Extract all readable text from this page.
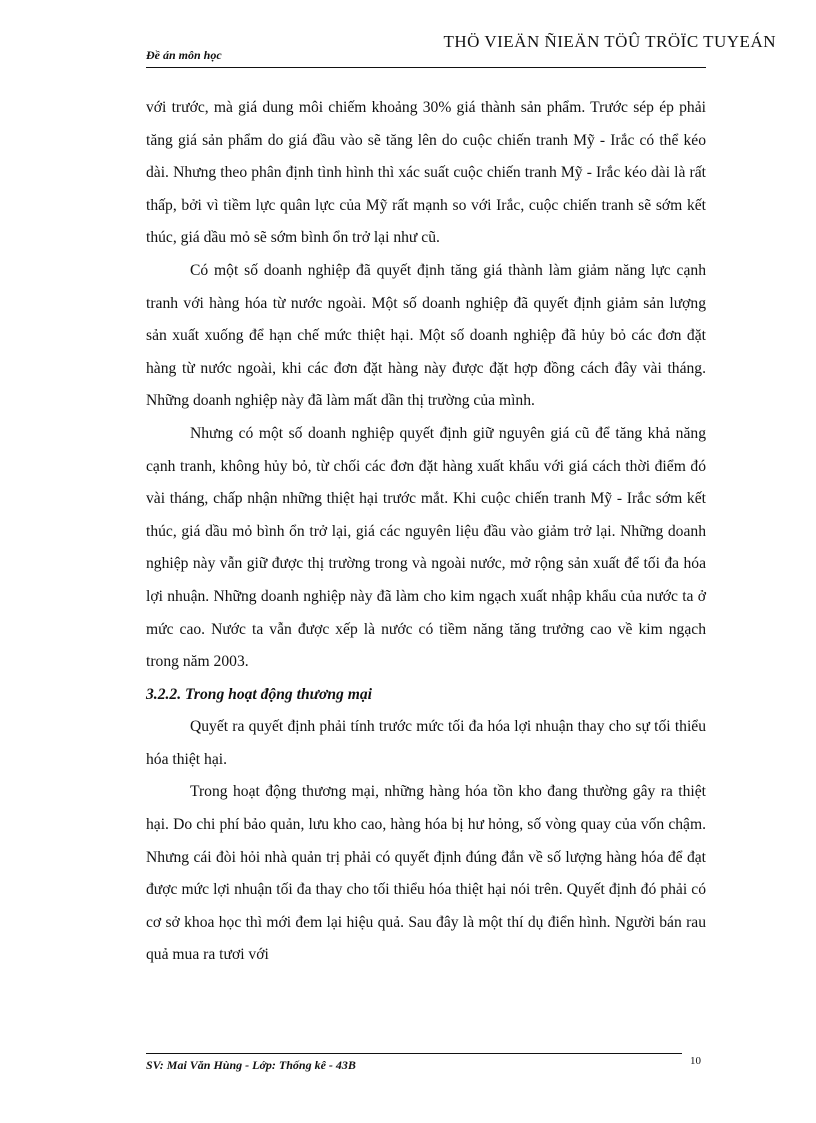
Đề án môn học
THÖ VIEÄN ÑIEÄN TÖÛ TRÖÏC TUYEÁN

với trước, mà giá dung môi chiếm khoảng 30% giá thành sản phẩm. Trước sép ép phải tăng giá sản phẩm do giá đầu vào sẽ tăng lên do cuộc chiến tranh Mỹ - Irắc có thể kéo dài. Nhưng theo phân định tình hình thì xác suất cuộc chiến tranh Mỹ - Irắc kéo dài là rất thấp, bởi vì tiềm lực quân lực của Mỹ rất mạnh so với Irắc, cuộc chiến tranh sẽ sớm kết thúc, giá dầu mỏ sẽ sớm bình ổn trở lại như cũ.

Có một số doanh nghiệp đã quyết định tăng giá thành làm giảm năng lực cạnh tranh với hàng hóa từ nước ngoài. Một số doanh nghiệp đã quyết định giảm sản lượng sản xuất xuống để hạn chế mức thiệt hại. Một số doanh nghiệp đã hủy bỏ các đơn đặt hàng từ nước ngoài, khi các đơn đặt hàng này được đặt hợp đồng cách đây vài tháng. Những doanh nghiệp này đã làm mất dần thị trường của mình.

Nhưng có một số doanh nghiệp quyết định giữ nguyên giá cũ để tăng khả năng cạnh tranh, không hủy bỏ, từ chối các đơn đặt hàng xuất khẩu với giá cách thời điểm đó vài tháng, chấp nhận những thiệt hại trước mắt. Khi cuộc chiến tranh Mỹ - Irắc sớm kết thúc, giá dầu mỏ bình ổn trở lại, giá các nguyên liệu đầu vào giảm trở lại. Những doanh nghiệp này vẫn giữ được thị trường trong và ngoài nước, mở rộng sản xuất để tối đa hóa lợi nhuận. Những doanh nghiệp này đã làm cho kim ngạch xuất nhập khẩu của nước ta ở mức cao. Nước ta vẫn được xếp là nước có tiềm năng tăng trưởng cao về kim ngạch trong năm 2003.

3.2.2. Trong hoạt động thương mại

Quyết ra quyết định phải tính trước mức tối đa hóa lợi nhuận thay cho sự tối thiểu hóa thiệt hại.

Trong hoạt động thương mại, những hàng hóa tồn kho đang thường gây ra thiệt hại. Do chi phí bảo quản, lưu kho cao, hàng hóa bị hư hỏng, số vòng quay của vốn chậm. Nhưng cái đòi hỏi nhà quản trị phải có quyết định đúng đắn về số lượng hàng hóa để đạt được mức lợi nhuận tối đa thay cho tối thiểu hóa thiệt hại nói trên. Quyết định đó phải có cơ sở khoa học thì mới đem lại hiệu quả. Sau đây là một thí dụ điển hình. Người bán rau quả mua ra tươi với

SV: Mai Văn Hùng - Lớp: Thống kê - 43B	10
